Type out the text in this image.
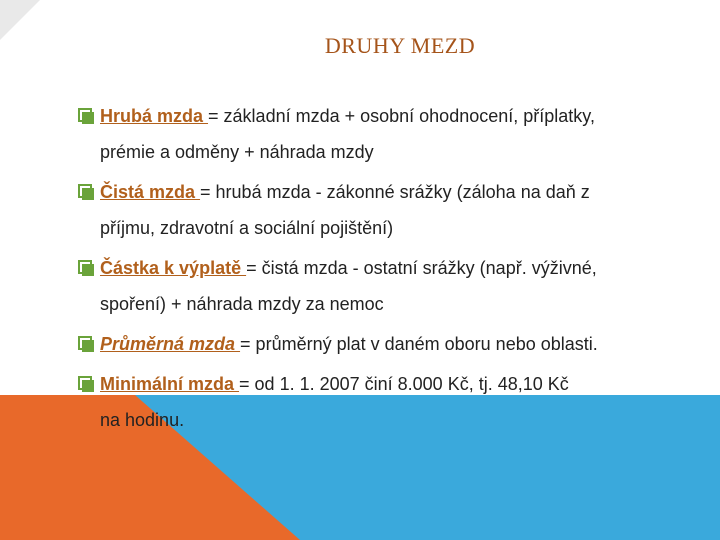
DRUHY MEZD
Hrubá mzda = základní mzda + osobní ohodnocení, příplatky,
prémie a odměny + náhrada mzdy
Čistá mzda = hrubá mzda - zákonné srážky (záloha na daň z
příjmu, zdravotní a sociální pojištění)
Částka k výplatě = čistá mzda - ostatní srážky (např. výživné,
spoření) + náhrada mzdy za nemoc
Průměrná mzda = průměrný plat v daném oboru nebo oblasti.
Minimální mzda = od 1. 1. 2007 činí 8.000 Kč, tj. 48,10 Kč
na hodinu.
